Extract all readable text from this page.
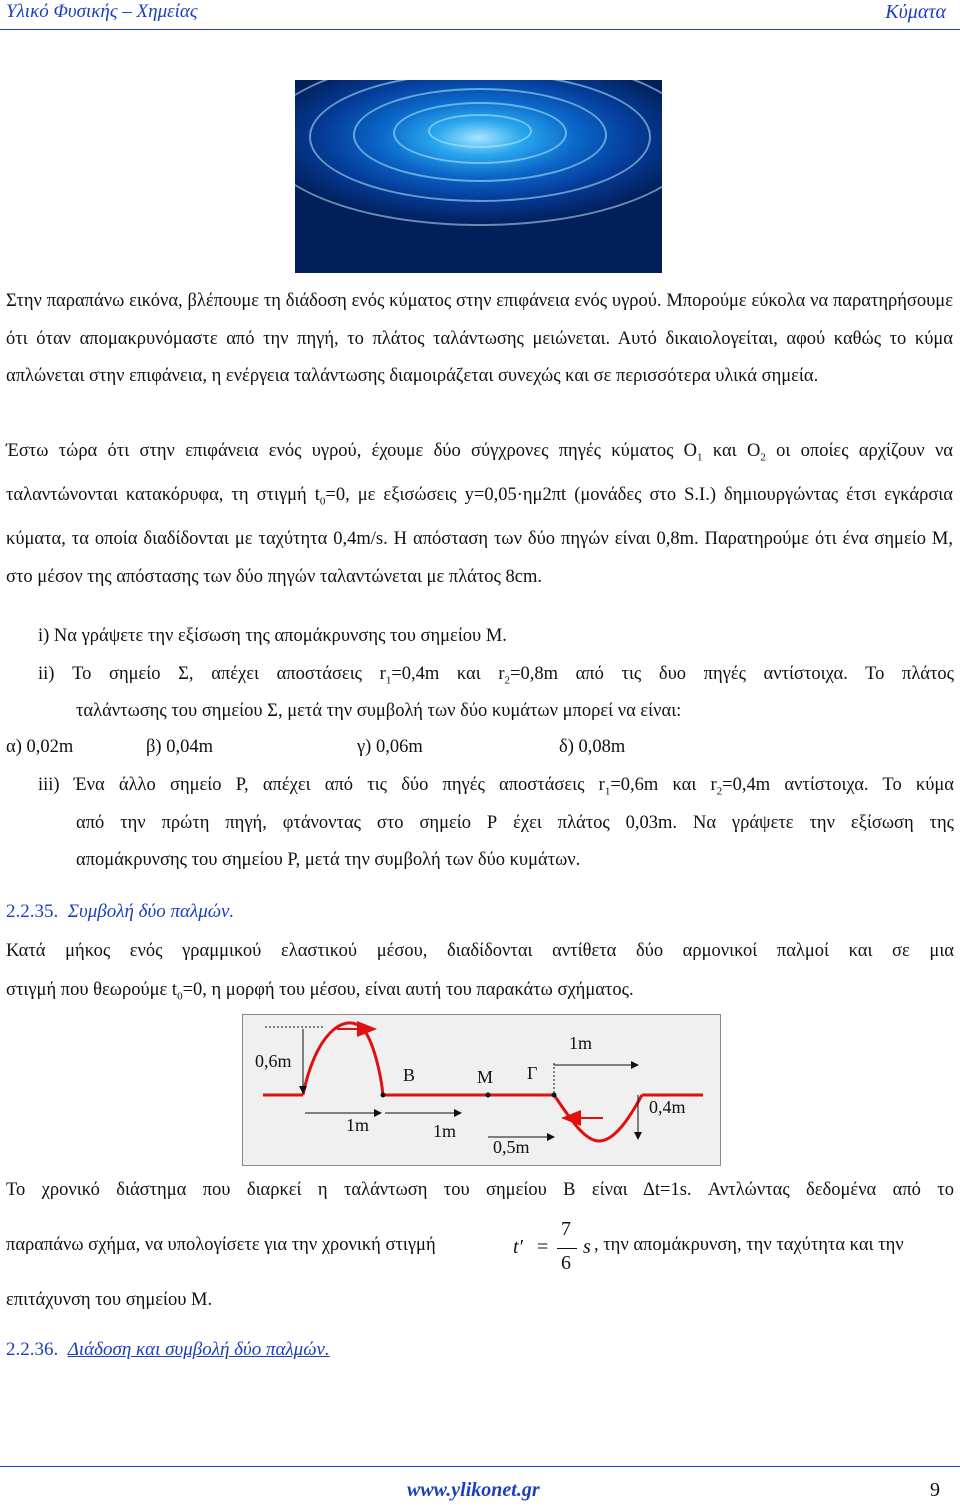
Υλικό Φυσικής – Χημείας	Κύματα
Στην παραπάνω εικόνα, βλέπουμε τη διάδοση ενός κύματος στην επιφάνεια ενός υγρού. Μπορούμε εύκολα να παρατηρήσουμε ότι όταν απομακρυνόμαστε από την πηγή, το πλάτος ταλάντωσης μειώνεται. Αυτό δικαιολογείται, αφού καθώς το κύμα απλώνεται στην επιφάνεια, η ενέργεια ταλάντωσης διαμοιράζεται συνεχώς και σε περισσότερα υλικά σημεία.
Έστω τώρα ότι στην επιφάνεια ενός υγρού, έχουμε δύο σύγχρονες πηγές κύματος $O_1$ και $O_2$ οι οποίες αρχίζουν να ταλαντώνονται κατακόρυφα, τη στιγμή $t_0=0$, με εξισώσεις y=0,05·ημ2πt (μονάδες στο S.I.) δημιουργώντας έτσι εγκάρσια κύματα, τα οποία διαδίδονται με ταχύτητα 0,4m/s. Η απόσταση των δύο πηγών είναι 0,8m. Παρατηρούμε ότι ένα σημείο Μ, στο μέσον της απόστασης των δύο πηγών ταλαντώνεται με πλάτος 8cm.
i) Να γράψετε την εξίσωση της απομάκρυνσης του σημείου Μ.
ii) Το σημείο Σ, απέχει αποστάσεις $r_1=0,4m$ και $r_2=0,8m$ από τις δυο πηγές αντίστοιχα. Το πλάτος
ταλάντωσης του σημείου Σ, μετά την συμβολή των δύο κυμάτων μπορεί να είναι:
α) 0,02m	β) 0,04m	γ) 0,06m	δ) 0,08m
iii) Ένα άλλο σημείο Ρ, απέχει από τις δύο πηγές αποστάσεις $r_1=0,6m$ και $r_2=0,4m$ αντίστοιχα. Το κύμα
από την πρώτη πηγή, φτάνοντας στο σημείο Ρ έχει πλάτος 0,03m. Να γράψετε την εξίσωση της
απομάκρυνσης του σημείου Ρ, μετά την συμβολή των δύο κυμάτων.
2.2.35. Συμβολή δύο παλμών.
Κατά μήκος ενός γραμμικού ελαστικού μέσου, διαδίδονται αντίθετα δύο αρμονικοί παλμοί και σε μια
στιγμή που θεωρούμε $t_0=0$, η μορφή του μέσου, είναι αυτή του παρακάτω σχήματος.
0,6m
1m	1m
Β	Μ Γ
1m
0,4m
0,5m
Το χρονικό διάστημα που διαρκεί η ταλάντωση του σημείου Β είναι Δt=1s. Αντλώντας δεδομένα από το
παραπάνω σχήμα, να υπολογίσετε για την χρονική στιγμή	t′ =
7
6
s , την απομάκρυνση, την ταχύτητα και την
επιτάχυνση του σημείου Μ.
2.2.36. Διάδοση και συμβολή δύο παλμών.
www.ylikonet.gr	9
